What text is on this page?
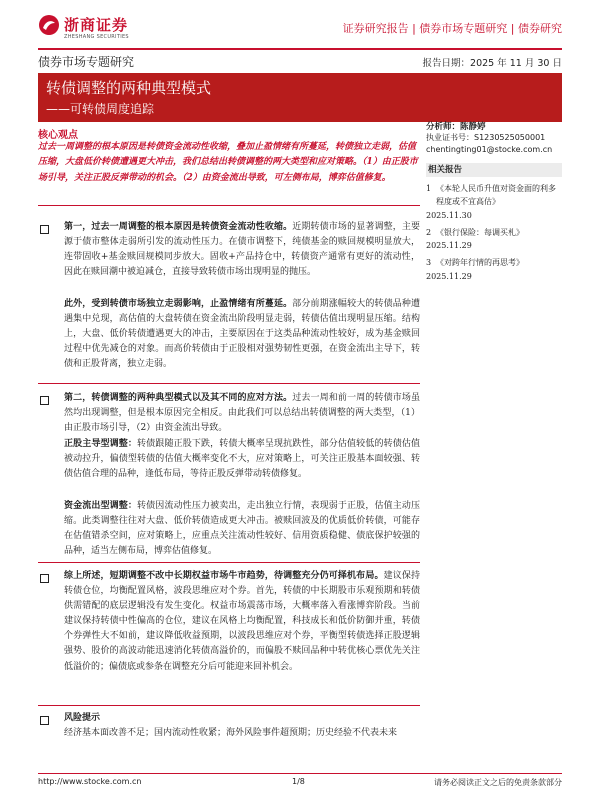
浙商证券
ZHESHANG SECURITIES
证券研究报告 | 债券市场专题研究 | 债券研究
债券市场专题研究	报告日期：2025 年 11 月 30 日
转债调整的两种典型模式
——可转债周度追踪
核心观点
过去一周调整的根本原因是转债资金流动性收缩，叠加止盈情绪有所蔓延，转债独立走弱，估值压缩，大盘低价转债遭遇更大冲击，我们总结出转债调整的两大类型和应对策略。（1）由正股市场引导，关注正股反弹带动的机会。（2）由资金流出导致，可左侧布局，博弈估值修复。
第一，过去一周调整的根本原因是转债资金流动性收缩。近期转债市场的显著调整，主要源于债市整体走弱所引发的流动性压力。在债市调整下，纯债基金的赎回规模明显放大，连带固收+基金赎回规模同步放大。固收+产品持仓中，转债资产通常有更好的流动性，因此在赎回潮中被迫减仓，直接导致转债市场出现明显的抛压。
此外，受到转债市场独立走弱影响，止盈情绪有所蔓延。部分前期涨幅较大的转债品种遭遇集中兑现，高估值的大盘转债在资金流出阶段明显走弱，转债估值出现明显压缩。结构上，大盘、低价转债遭遇更大的冲击，主要原因在于这类品种流动性较好，成为基金赎回过程中优先减仓的对象。而高价转债由于正股相对强势韧性更强，在资金流出主导下，转债和正股背离，独立走弱。
第二，转债调整的两种典型模式以及其不同的应对方法。过去一周和前一周的转债市场虽然均出现调整，但是根本原因完全相反。由此我们可以总结出转债调整的两大类型，（1）由正股市场引导，（2）由资金流出导致。
正股主导型调整：转债跟随正股下跌，转债大概率呈现抗跌性，部分估值较低的转债估值被动拉升，偏债型转债的估值大概率变化不大，应对策略上，可关注正股基本面较强、转债估值合理的品种，逢低布局，等待正股反弹带动转债修复。
资金流出型调整：转债因流动性压力被卖出，走出独立行情，表现弱于正股，估值主动压缩。此类调整往往对大盘、低价转债造成更大冲击。被赎回波及的优质低价转债，可能存在估值错杀空间，应对策略上，应重点关注流动性较好、信用资质稳健、债底保护较强的品种，适当左侧布局，博弈估值修复。
综上所述，短期调整不改中长期权益市场牛市趋势，待调整充分仍可择机布局。建议保持转债仓位，均衡配置风格，波段思维应对个券。首先，转债的中长期股市乐观预期和转债供需错配的底层逻辑没有发生变化。权益市场震荡市场，大概率落入看涨博弈阶段。当前建议保持转债中性偏高的仓位，建议在风格上均衡配置，科技成长和低价防御并重，转债个券弹性大不如前，建议降低收益预期，以波段思维应对个券，平衡型转债选择正股逻辑强势、股价的高波动能迅速消化转债高溢价的，而偏股不赎回品种中转优核心票优先关注低溢价的；偏债底或参条在调整充分后可能迎来回补机会。
风险提示
经济基本面改善不足；国内流动性收紧；海外风险事件超预期；历史经验不代表未来
分析师：陈静婷
执业证书号：S1230525050001
chentingting01@stocke.com.cn
相关报告
1 《本轮人民币升值对资金面的利多程度或不宜高估》
2025.11.30
2 《银行保险：每调买札》
2025.11.29
3 《对跨年行情的再思考》
2025.11.29
http://www.stocke.com.cn	1/8	请务必阅读正文之后的免责条款部分
